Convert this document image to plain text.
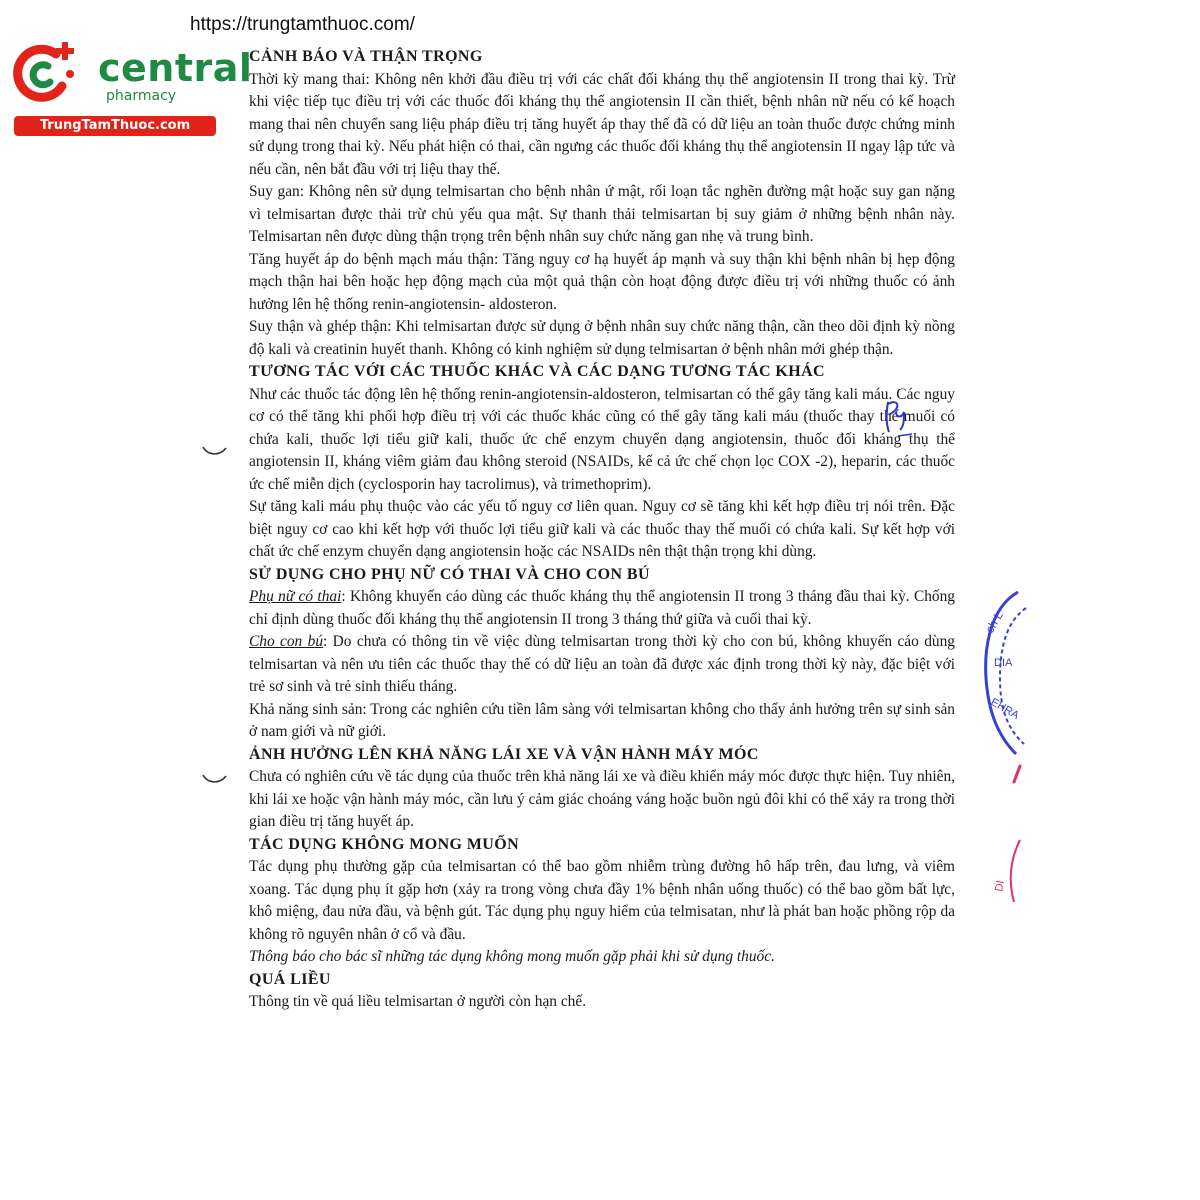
https://trungtamthuoc.com/
central
pharmacy
TrungTamThuoc.com
CẢNH BÁO VÀ THẬN TRỌNG

Thời kỳ mang thai: Không nên khởi đầu điều trị với các chất đối kháng thụ thể angiotensin II trong thai kỳ. Trừ khi việc tiếp tục điều trị với các thuốc đối kháng thụ thể angiotensin II cần thiết, bệnh nhân nữ nếu có kế hoạch mang thai nên chuyển sang liệu pháp điều trị tăng huyết áp thay thế đã có dữ liệu an toàn thuốc được chứng minh sử dụng trong thai kỳ. Nếu phát hiện có thai, cần ngưng các thuốc đối kháng thụ thể angiotensin II ngay lập tức và nếu cần, nên bắt đầu với trị liệu thay thế.

Suy gan: Không nên sử dụng telmisartan cho bệnh nhân ứ mật, rối loạn tắc nghẽn đường mật hoặc suy gan nặng vì telmisartan được thải trừ chủ yếu qua mật. Sự thanh thải telmisartan bị suy giảm ở những bệnh nhân này. Telmisartan nên được dùng thận trọng trên bệnh nhân suy chức năng gan nhẹ và trung bình.

Tăng huyết áp do bệnh mạch máu thận: Tăng nguy cơ hạ huyết áp mạnh và suy thận khi bệnh nhân bị hẹp động mạch thận hai bên hoặc hẹp động mạch của một quả thận còn hoạt động được điều trị với những thuốc có ảnh hưởng lên hệ thống renin-angiotensin- aldosteron.

Suy thận và ghép thận: Khi telmisartan được sử dụng ở bệnh nhân suy chức năng thận, cần theo dõi định kỳ nồng độ kali và creatinin huyết thanh. Không có kinh nghiệm sử dụng telmisartan ở bệnh nhân mới ghép thận.

TƯƠNG TÁC VỚI CÁC THUỐC KHÁC VÀ CÁC DẠNG TƯƠNG TÁC KHÁC

Như các thuốc tác động lên hệ thống renin-angiotensin-aldosteron, telmisartan có thể gây tăng kali máu. Các nguy cơ có thể tăng khi phối hợp điều trị với các thuốc khác cũng có thể gây tăng kali máu (thuốc thay thế muối có chứa kali, thuốc lợi tiểu giữ kali, thuốc ức chế enzym chuyển dạng angiotensin, thuốc đối kháng thụ thể angiotensin II, kháng viêm giảm đau không steroid (NSAIDs, kể cả ức chế chọn lọc COX -2), heparin, các thuốc ức chế miễn dịch (cyclosporin hay tacrolimus), và trimethoprim).

Sự tăng kali máu phụ thuộc vào các yếu tố nguy cơ liên quan. Nguy cơ sẽ tăng khi kết hợp điều trị nói trên. Đặc biệt nguy cơ cao khi kết hợp với thuốc lợi tiểu giữ kali và các thuốc thay thế muối có chứa kali. Sự kết hợp với chất ức chế enzym chuyển dạng angiotensin hoặc các NSAIDs nên thật thận trọng khi dùng.

SỬ DỤNG CHO PHỤ NỮ CÓ THAI VÀ CHO CON BÚ

Phụ nữ có thai: Không khuyến cáo dùng các thuốc kháng thụ thể angiotensin II trong 3 tháng đầu thai kỳ. Chống chỉ định dùng thuốc đối kháng thụ thể angiotensin II trong 3 tháng thứ giữa và cuối thai kỳ.

Cho con bú: Do chưa có thông tin về việc dùng telmisartan trong thời kỳ cho con bú, không khuyến cáo dùng telmisartan và nên ưu tiên các thuốc thay thế có dữ liệu an toàn đã được xác định trong thời kỳ này, đặc biệt với trẻ sơ sinh và trẻ sinh thiếu tháng.

Khả năng sinh sản: Trong các nghiên cứu tiền lâm sàng với telmisartan không cho thấy ảnh hưởng trên sự sinh sản ở nam giới và nữ giới.

ẢNH HƯỞNG LÊN KHẢ NĂNG LÁI XE VÀ VẬN HÀNH MÁY MÓC

Chưa có nghiên cứu về tác dụng của thuốc trên khả năng lái xe và điều khiển máy móc được thực hiện. Tuy nhiên, khi lái xe hoặc vận hành máy móc, cần lưu ý cảm giác choáng váng hoặc buồn ngủ đôi khi có thể xảy ra trong thời gian điều trị tăng huyết áp.

TÁC DỤNG KHÔNG MONG MUỐN

Tác dụng phụ thường gặp của telmisartan có thể bao gồm nhiễm trùng đường hô hấp trên, đau lưng, và viêm xoang. Tác dụng phụ ít gặp hơn (xảy ra trong vòng chưa đầy 1% bệnh nhân uống thuốc) có thể bao gồm bất lực, khô miệng, đau nửa đầu, và bệnh gút. Tác dụng phụ nguy hiểm của telmisatan, như là phát ban hoặc phồng rộp da không rõ nguyên nhân ở cổ và đầu.

Thông báo cho bác sĩ những tác dụng không mong muốn gặp phải khi sử dụng thuốc.

QUÁ LIỀU

Thông tin về quá liều telmisartan ở người còn hạn chế.

ch L
DIA
EHRA
DI
